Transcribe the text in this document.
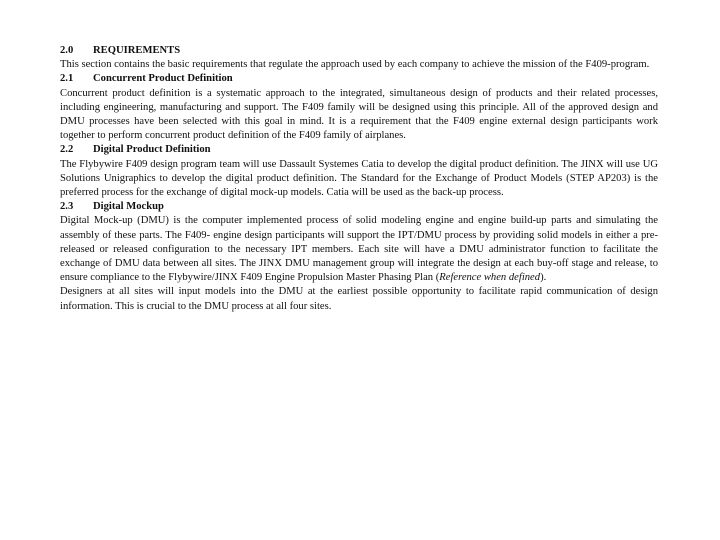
2.0 REQUIREMENTS

This section contains the basic requirements that regulate the approach used by each company to achieve the mission of the F409-program.

2.1 Concurrent Product Definition

Concurrent product definition is a systematic approach to the integrated, simultaneous design of products and their related processes, including engineering, manufacturing and support. The F409 family will be designed using this principle. All of the approved design and DMU processes have been selected with this goal in mind. It is a requirement that the F409 engine external design participants work together to perform concurrent product definition of the F409 family of airplanes.

2.2 Digital Product Definition

The Flybywire F409 design program team will use Dassault Systemes Catia to develop the digital product definition. The JINX will use UG Solutions Unigraphics to develop the digital product definition. The Standard for the Exchange of Product Models (STEP AP203) is the preferred process for the exchange of digital mock-up models. Catia will be used as the back-up process.

2.3 Digital Mockup

Digital Mock-up (DMU) is the computer implemented process of solid modeling engine and engine build-up parts and simulating the assembly of these parts. The F409- engine design participants will support the IPT/DMU process by providing solid models in either a pre-released or released configuration to the necessary IPT members. Each site will have a DMU administrator function to facilitate the exchange of DMU data between all sites. The JINX DMU management group will integrate the design at each buy-off stage and release, to ensure compliance to the Flybywire/JINX F409 Engine Propulsion Master Phasing Plan (Reference when defined).

Designers at all sites will input models into the DMU at the earliest possible opportunity to facilitate rapid communication of design information. This is crucial to the DMU process at all four sites.
